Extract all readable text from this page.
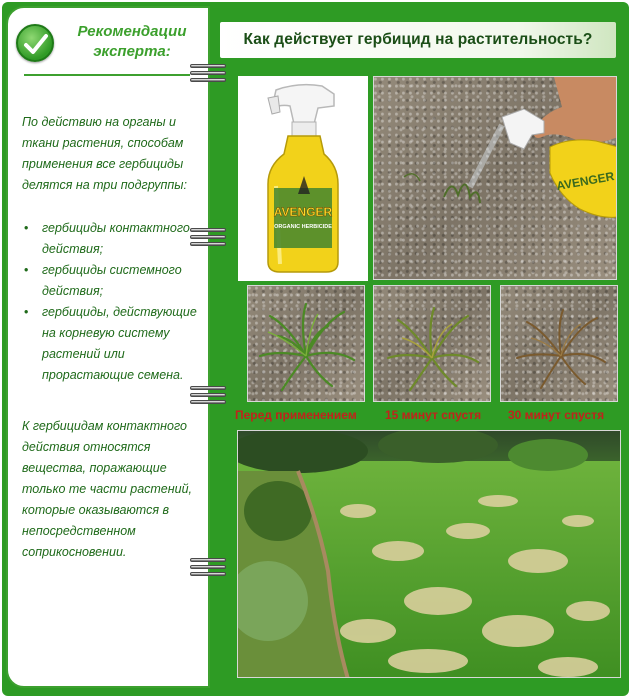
Рекомендации эксперта:

По действию на органы и ткани растения, способам применения все гербициды делятся на три подгруппы:

• гербициды контактного действия;
• гербициды системного действия;
• гербициды, действующие на корневую систему растений или прорастающие семена.

К гербицидам контактного действия относятся вещества, поражающие только те части растений, которые оказываются в непосредственном соприкосновении.

Как действует гербицид на растительность?
AVENGER
ORGANIC HERBICIDE
AVENGER
Перед применением 15 минут спустя 30 минут спустя
